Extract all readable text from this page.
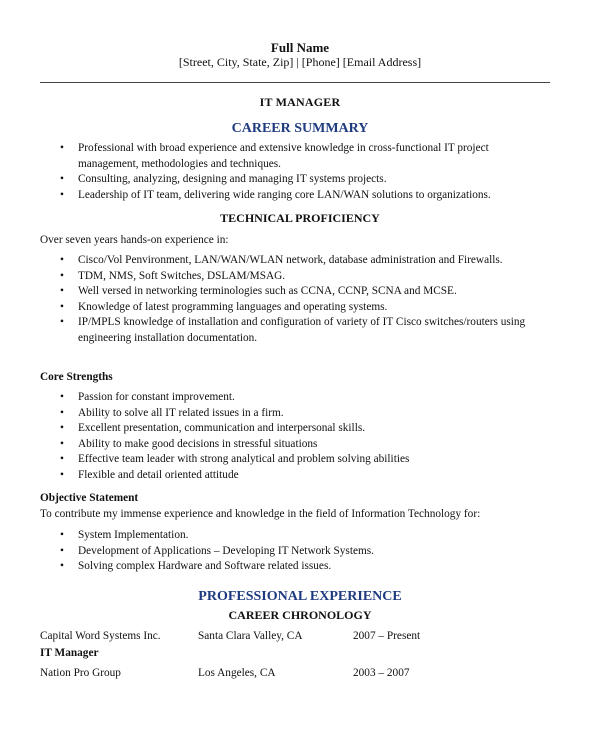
Full Name
[Street, City, State, Zip] | [Phone] [Email Address]
IT MANAGER
CAREER SUMMARY
• Professional with broad experience and extensive knowledge in cross-functional IT project management, methodologies and techniques.
• Consulting, analyzing, designing and managing IT systems projects.
• Leadership of IT team, delivering wide ranging core LAN/WAN solutions to organizations.
TECHNICAL PROFICIENCY
Over seven years hands-on experience in:
• Cisco/Vol Penvironment, LAN/WAN/WLAN network, database administration and Firewalls.
• TDM, NMS, Soft Switches, DSLAM/MSAG.
• Well versed in networking terminologies such as CCNA, CCNP, SCNA and MCSE.
• Knowledge of latest programming languages and operating systems.
• IP/MPLS knowledge of installation and configuration of variety of IT Cisco switches/routers using engineering installation documentation.
Core Strengths
• Passion for constant improvement.
• Ability to solve all IT related issues in a firm.
• Excellent presentation, communication and interpersonal skills.
• Ability to make good decisions in stressful situations
• Effective team leader with strong analytical and problem solving abilities
• Flexible and detail oriented attitude
Objective Statement
To contribute my immense experience and knowledge in the field of Information Technology for:
• System Implementation.
• Development of Applications – Developing IT Network Systems.
• Solving complex Hardware and Software related issues.
PROFESSIONAL EXPERIENCE
CAREER CHRONOLOGY
Capital Word Systems Inc.	Santa Clara Valley, CA	2007 – Present
IT Manager
Nation Pro Group	Los Angeles, CA	2003 – 2007
